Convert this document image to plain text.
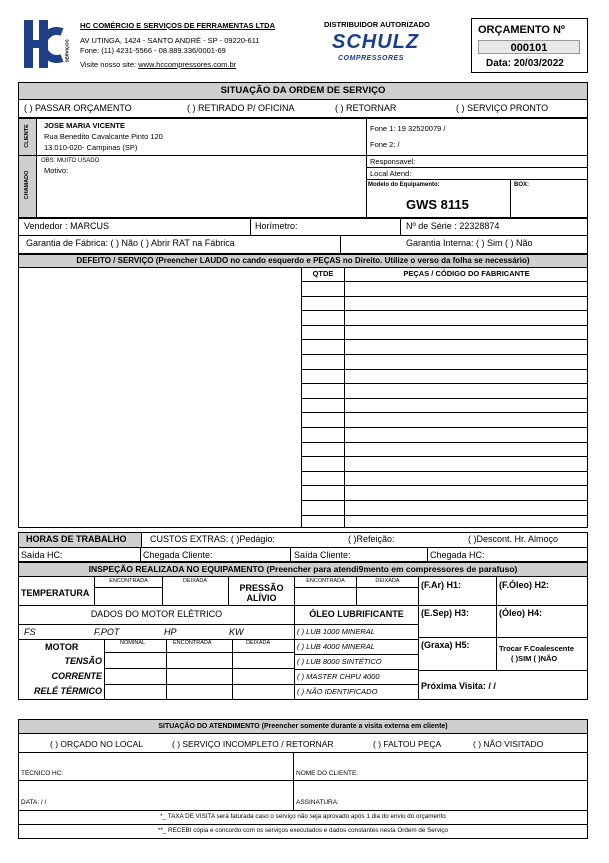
SERVIÇOS
HC COMÉRCIO E SERVIÇOS DE FERRAMENTAS LTDA
AV UTINGA, 1424 - SANTO ANDRÉ - SP - 09220-611
Fone: (11) 4231-5566 - 08.889.336/0001-69
Visite nosso site: www.hccompressores.com.br
DISTRIBUIDOR AUTORIZADO
SCHULZ
COMPRESSORES
ORÇAMENTO Nº
000101
Data: 20/03/2022
SITUAÇÃO DA ORDEM DE SERVIÇO
( ) PASSAR ORÇAMENTO	( ) RETIRADO P/ OFICINA	( ) RETORNAR	( ) SERVIÇO PRONTO
CLIENTE
CHAMADO
JOSE MARIA VICENTE
Rua Benedito Cavalcante Pinto 120
13.010-020- Campinas (SP)
Fone 1: 19 32520079 /
Fone 2: /
OBS: MUITO USADO
Motivo:
Responsavel:
Local Atend:
Modelo do Equipamento:
GWS 8115
BOX:
Vendedor : MARCUS	Horímetro:	Nº de Série : 22328874
Garantia de Fábrica: ( ) Não ( ) Abrir RAT na Fábrica	Garantia Interna: ( ) Sim ( ) Não
DEFEITO / SERVIÇO (Preencher LAUDO no cando esquerdo e PEÇAS no Direito. Utilize o verso da folha se necessário)
QTDE	PEÇAS / CÓDIGO DO FABRICANTE
HORAS DE TRABALHO	CUSTOS EXTRAS: ( )Pedágio:	( )Refeição:	( )Descont. Hr. Almoço
Saída HC:	Chegada Cliente:	Saída Cliente:	Chegada HC:
INSPEÇÃO REALIZADA NO EQUIPAMENTO (Preencher para atendi9mento em compressores de parafuso)
ENCONTRADA	DEIXADA	ENCONTRADA	DEIXADA
TEMPERATURA	PRESSÃO ALÍVIO
(F.Ar) H1:	(F.Óleo) H2:
(E.Sep) H3:	(Óleo) H4:
(Graxa) H5:	Trocar F.Coalescente
( )SIM ( )NÃO
Próxima Visita: / /
DADOS DO MOTOR ELÉTRICO	ÓLEO LUBRIFICANTE
FS	F.POT	HP	KW
MOTOR	NOMINAL	ENCONTRADA	DEIXADA
TENSÃO
CORRENTE
RELÉ TÉRMICO
( ) LUB 1000 MINERAL
( ) LUB 4000 MINERAL
( ) LUB 8000 SINTÉTICO
( ) MASTER CHPU 4000
( ) NÃO IDENTIFICADO
SITUAÇÃO DO ATENDIMENTO (Preencher somente durante a visita externa em cliente)
( ) ORÇADO NO LOCAL	( ) SERVIÇO INCOMPLETO / RETORNAR	( ) FALTOU PEÇA	( ) NÃO VISITADO
TÉCNICO HC:	NOME DO CLIENTE:
DATA: / /	ASSINATURA:
*_ TAXA DE VISITA será faturada caso o serviço não seja aprovado após 1 dia do envio do orçamento
**_ RECEBI cópia e concordo com os serviços executados e dados constantes nesta Ordem de Serviço
